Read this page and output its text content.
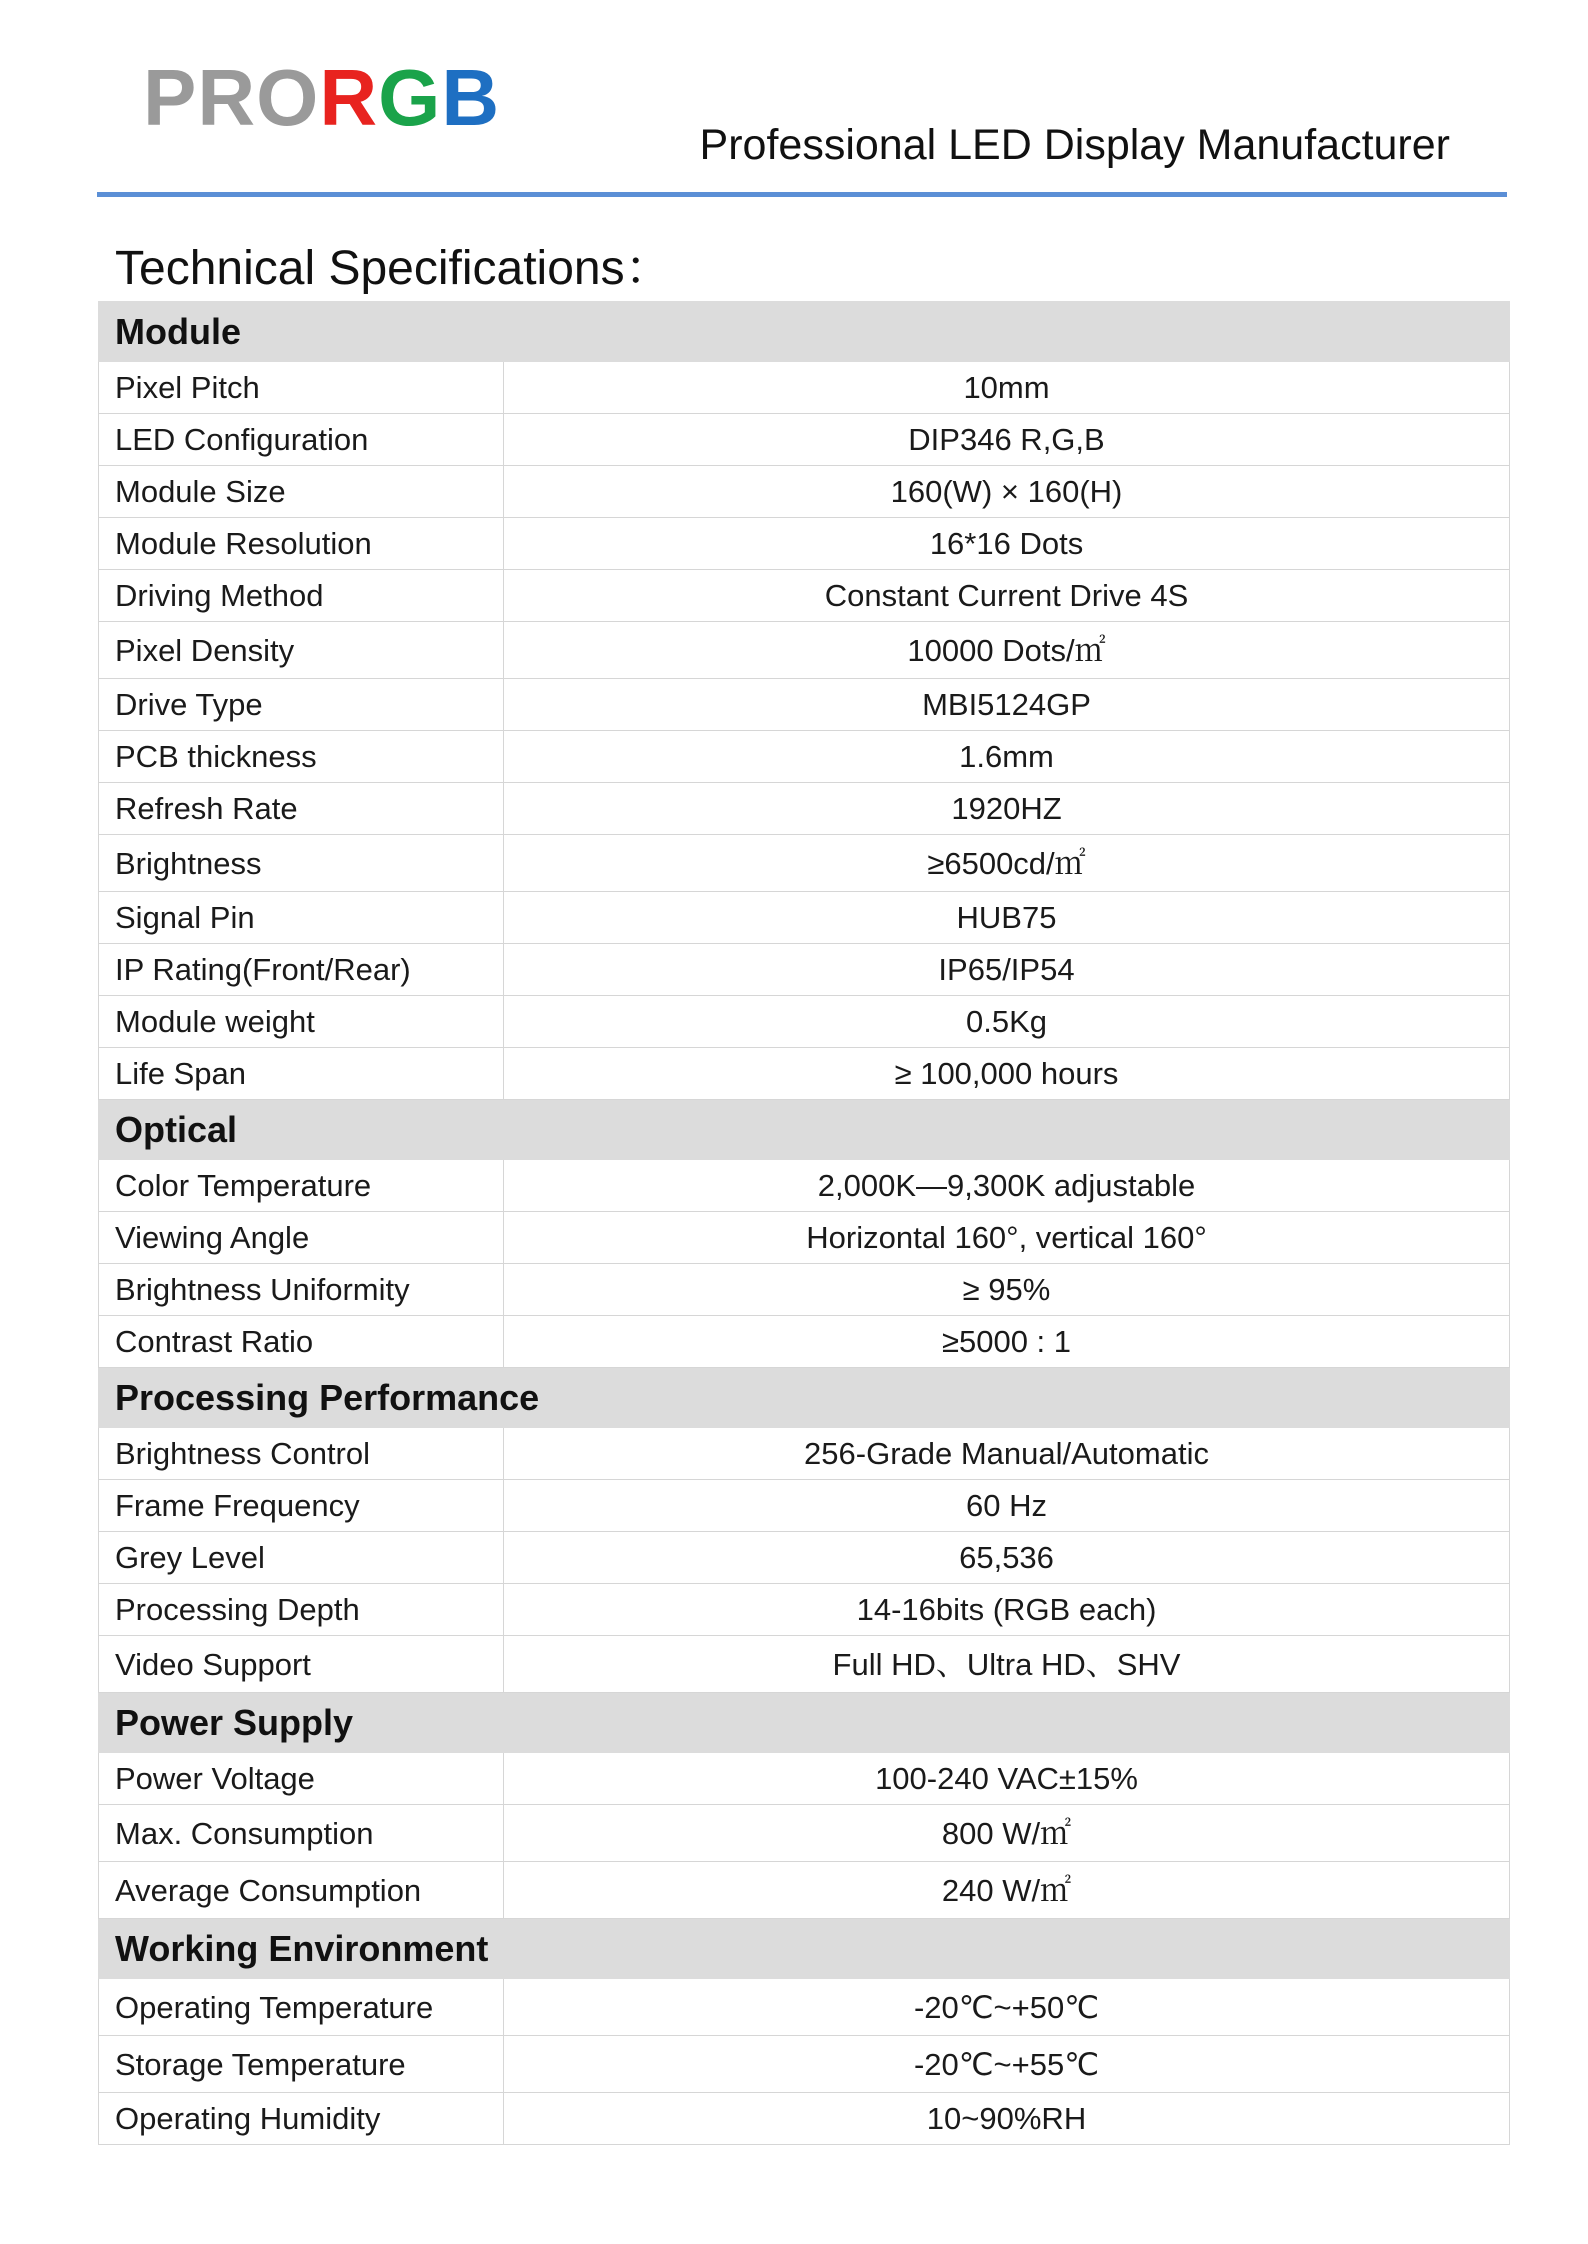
PRORGB
Professional LED Display Manufacturer
Technical Specifications：
Module	
Pixel Pitch	10mm
LED Configuration	DIP346 R,G,B
Module Size	160(W) × 160(H)
Module Resolution	16*16 Dots
Driving Method	Constant Current Drive 4S
Pixel Density	10000 Dots/㎡
Drive Type	MBI5124GP
PCB thickness	1.6mm
Refresh Rate	1920HZ
Brightness	≥6500cd/㎡
Signal Pin	HUB75
IP Rating(Front/Rear)	IP65/IP54
Module weight	0.5Kg
Life Span	≥ 100,000 hours
Optical	
Color Temperature	2,000K—9,300K adjustable
Viewing Angle	Horizontal 160°, vertical 160°
Brightness Uniformity	≥ 95%
Contrast Ratio	≥5000 : 1
Processing Performance	
Brightness Control	256-Grade Manual/Automatic
Frame Frequency	60 Hz
Grey Level	65,536
Processing Depth	14-16bits (RGB each)
Video Support	Full HD、Ultra HD、SHV
Power Supply	
Power Voltage	100-240 VAC±15%
Max. Consumption	800 W/㎡
Average Consumption	240 W/㎡
Working Environment	
Operating Temperature	-20℃~+50℃
Storage Temperature	-20℃~+55℃
Operating Humidity	10~90%RH
